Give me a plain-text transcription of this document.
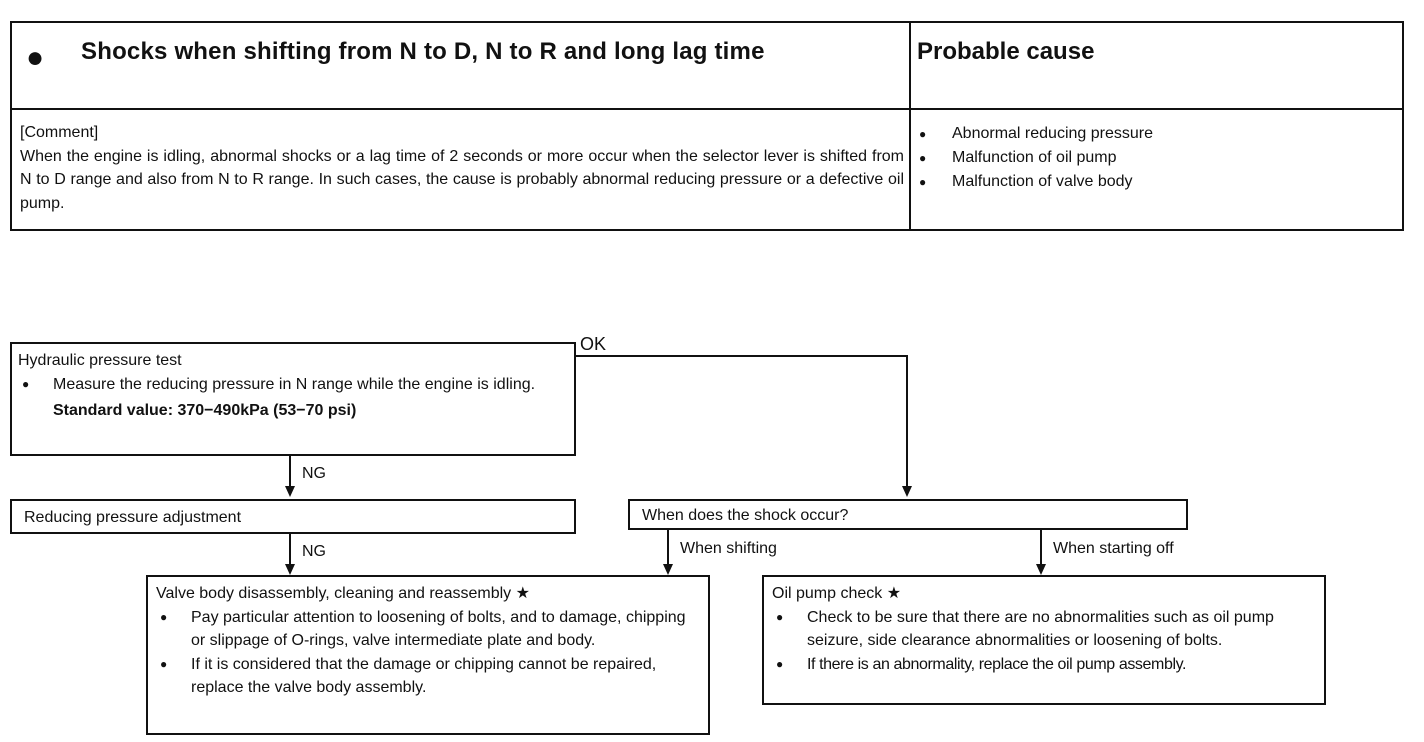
● Shocks when shifting from N to D, N to R and long lag time	Probable cause
[Comment]
When the engine is idling, abnormal shocks or a lag time of 2 seconds or more occur when the selector lever is shifted from N to D range and also from N to R range. In such cases, the cause is probably abnormal reducing pressure or a defective oil pump.
● Abnormal reducing pressure
● Malfunction of oil pump
● Malfunction of valve body
Hydraulic pressure test
● Measure the reducing pressure in N range while the engine is idling.
Standard value: 370−490kPa (53−70 psi)
OK
NG
Reducing pressure adjustment
NG
When does the shock occur?
When shifting	When starting off
Valve body disassembly, cleaning and reassembly ★
● Pay particular attention to loosening of bolts, and to damage, chipping or slippage of O-rings, valve intermediate plate and body.
● If it is considered that the damage or chipping cannot be repaired, replace the valve body assembly.
Oil pump check ★
● Check to be sure that there are no abnormalities such as oil pump seizure, side clearance abnormalities or loosening of bolts.
● If there is an abnormality, replace the oil pump assembly.
